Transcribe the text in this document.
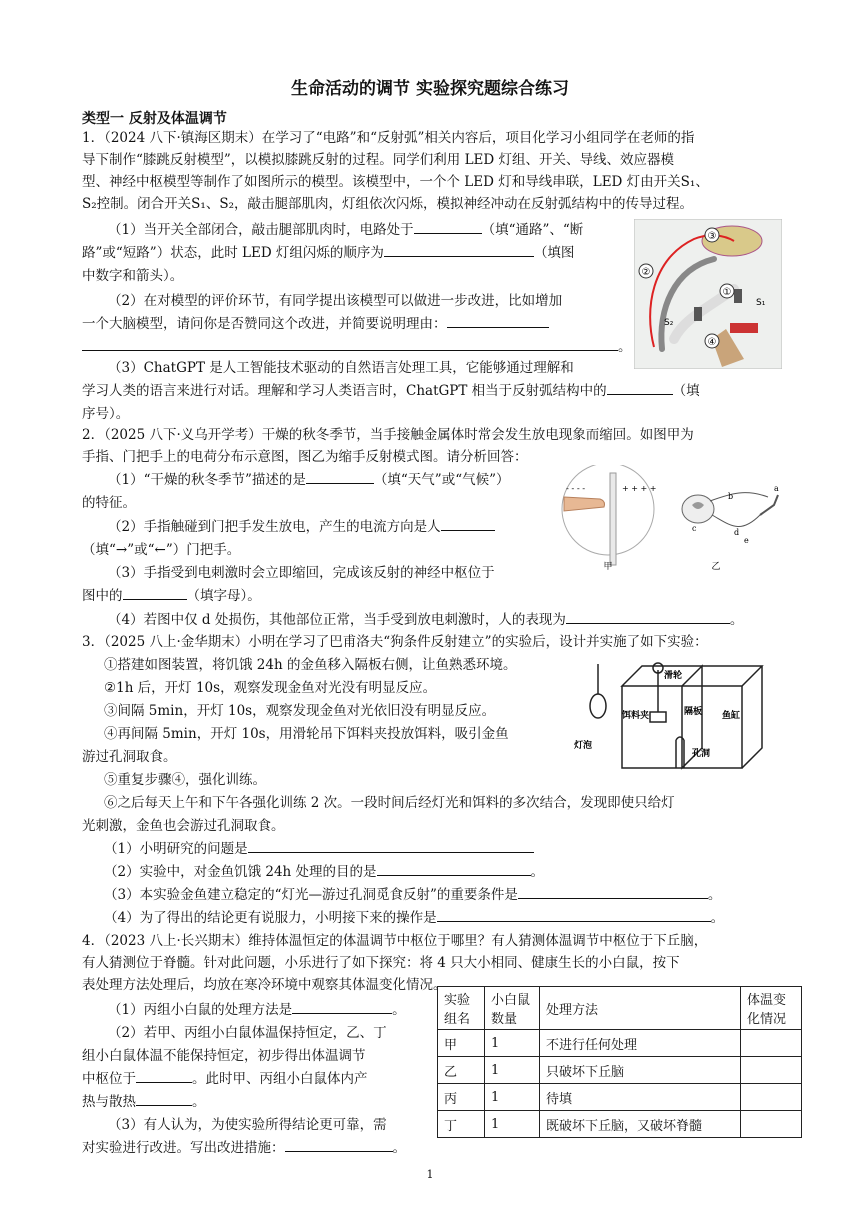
生命活动的调节 实验探究题综合练习
类型一 反射及体温调节
1．（2024 八下·镇海区期末）在学习了“电路”和“反射弧”相关内容后，项目化学习小组同学在老师的指
导下制作“膝跳反射模型”，以模拟膝跳反射的过程。同学们利用 LED 灯组、开关、导线、效应器模
型、神经中枢模型等制作了如图所示的模型。该模型中，一个个 LED 灯和导线串联，LED 灯由开关S₁、
S₂控制。闭合开关S₁、S₂，敲击腿部肌肉，灯组依次闪烁，模拟神经冲动在反射弧结构中的传导过程。
（1）当开关全部闭合，敲击腿部肌肉时，电路处于	（填“通路”、“断
路”或“短路”）状态，此时 LED 灯组闪烁的顺序为	（填图
中数字和箭头）。
（2）在对模型的评价环节，有同学提出该模型可以做进一步改进，比如增加
一个大脑模型，请问你是否赞同这个改进，并简要说明理由：
。
（3）ChatGPT 是人工智能技术驱动的自然语言处理工具，它能够通过理解和
学习人类的语言来进行对话。理解和学习人类语言时，ChatGPT 相当于反射弧结构中的	（填
序号）。
③
②
①
④
S₁
S₂
2．（2025 八下·义乌开学考）干燥的秋冬季节，当手接触金属体时常会发生放电现象而缩回。如图甲为
手指、门把手上的电荷分布示意图，图乙为缩手反射模式图。请分析回答：
（1）“干燥的秋冬季节”描述的是	（填“天气”或“气候”）
的特征。
（2）手指触碰到门把手发生放电，产生的电流方向是人
（填“→”或“←”）门把手。
（3）手指受到电刺激时会立即缩回，完成该反射的神经中枢位于
图中的	（填字母）。
（4）若图中仅 d 处损伤，其他部位正常，当手受到放电刺激时，人的表现为	。
- - - -	+ + + +
甲
b
a
c	d
e
乙
3．（2025 八上·金华期末）小明在学习了巴甫洛夫“狗条件反射建立”的实验后，设计并实施了如下实验：
①搭建如图装置，将饥饿 24h 的金鱼移入隔板右侧，让鱼熟悉环境。
②1h 后，开灯 10s，观察发现金鱼对光没有明显反应。
③间隔 5min，开灯 10s，观察发现金鱼对光依旧没有明显反应。
④再间隔 5min，开灯 10s，用滑轮吊下饵料夹投放饵料，吸引金鱼
游过孔洞取食。
⑤重复步骤④，强化训练。
⑥之后每天上午和下午各强化训练 2 次。一段时间后经灯光和饵料的多次结合，发现即使只给灯
光刺激，金鱼也会游过孔洞取食。
（1）小明研究的问题是
（2）实验中，对金鱼饥饿 24h 处理的目的是	。
（3）本实验金鱼建立稳定的“灯光—游过孔洞觅食反射”的重要条件是	。
（4）为了得出的结论更有说服力，小明接下来的操作是	。
滑轮
饵料夹	隔板 鱼缸
灯泡
孔洞
4．（2023 八上·长兴期末）维持体温恒定的体温调节中枢位于哪里？有人猜测体温调节中枢位于下丘脑，
有人猜测位于脊髓。针对此问题，小乐进行了如下探究：将 4 只大小相同、健康生长的小白鼠，按下
表处理方法处理后，均放在寒冷环境中观察其体温变化情况。
（1）丙组小白鼠的处理方法是	。
（2）若甲、丙组小白鼠体温保持恒定，乙、丁
组小白鼠体温不能保持恒定，初步得出体温调节
中枢位于	。此时甲、丙组小白鼠体内产
热与散热	。
（3）有人认为，为使实验所得结论更可靠，需
对实验进行改进。写出改进措施：	。
实验组名	小白鼠数量	处理方法	体温变化情况
甲	1	不进行任何处理	
乙	1	只破坏下丘脑	
丙	1	待填	
丁	1	既破坏下丘脑，又破坏脊髓	
1
